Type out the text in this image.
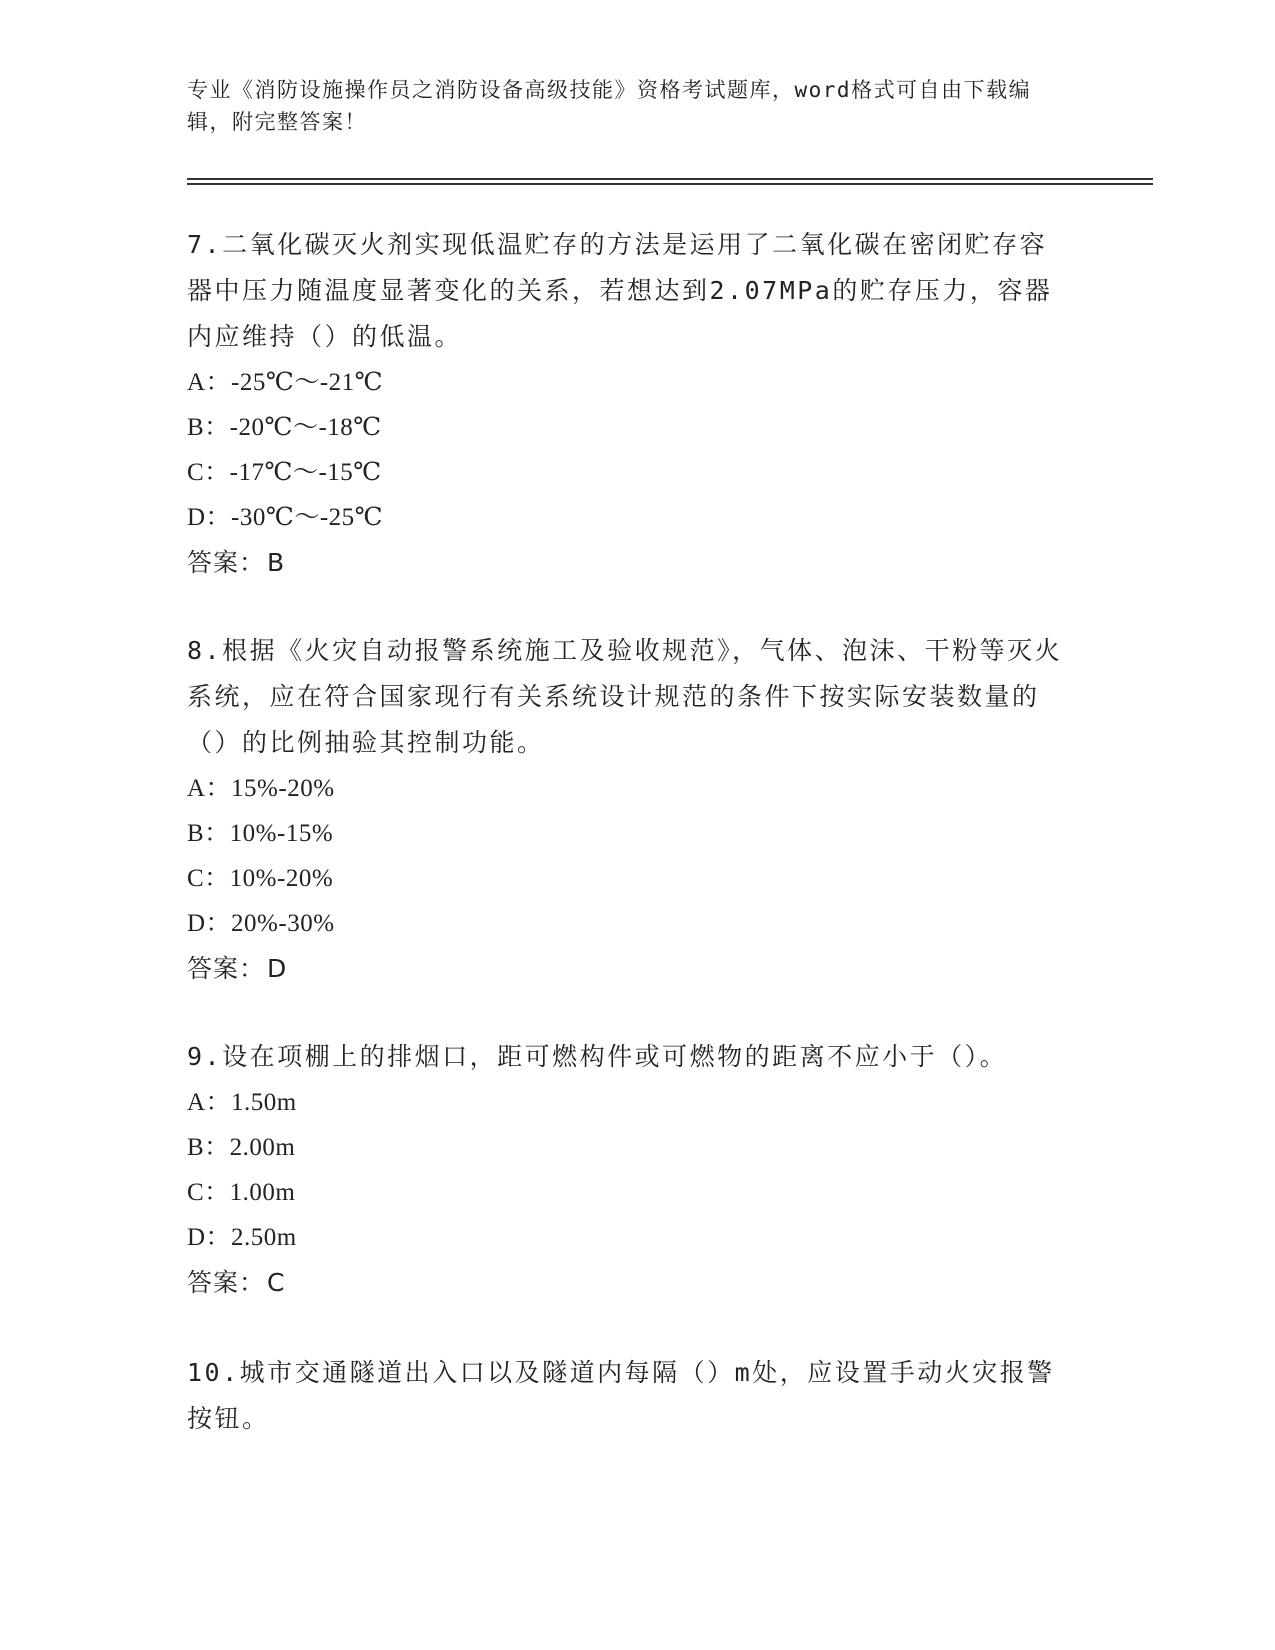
专业《消防设施操作员之消防设备高级技能》资格考试题库，word格式可自由下载编辑，附完整答案！

7.二氧化碳灭火剂实现低温贮存的方法是运用了二氧化碳在密闭贮存容器中压力随温度显著变化的关系，若想达到2.07MPa的贮存压力，容器内应维持（）的低温。

A：-25℃～-21℃

B：-20℃～-18℃

C：-17℃～-15℃

D：-30℃～-25℃

答案：B

8.根据《火灾自动报警系统施工及验收规范》，气体、泡沫、干粉等灭火系统，应在符合国家现行有关系统设计规范的条件下按实际安装数量的（）的比例抽验其控制功能。

A：15%-20%

B：10%-15%

C：10%-20%

D：20%-30%

答案：D

9.设在项棚上的排烟口，距可燃构件或可燃物的距离不应小于（）。

A：1.50m

B：2.00m

C：1.00m

D：2.50m

答案：C

10.城市交通隧道出入口以及隧道内每隔（）m处，应设置手动火灾报警按钮。
